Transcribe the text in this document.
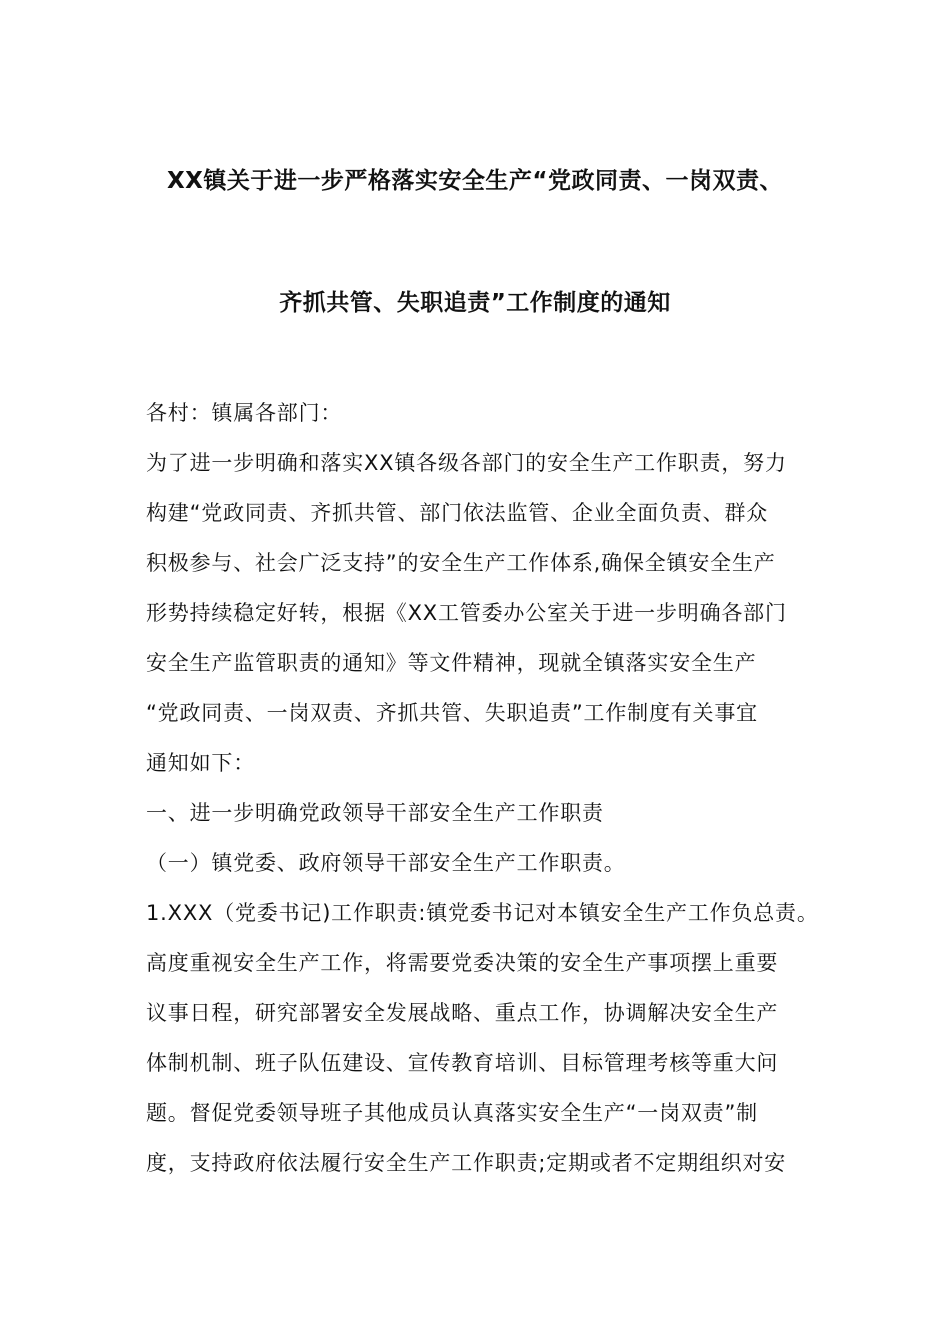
XX镇关于进一步严格落实安全生产“党政同责、一岗双责、
齐抓共管、失职追责”工作制度的通知
各村：镇属各部门：
为了进一步明确和落实XX镇各级各部门的安全生产工作职责，努力
构建“党政同责、齐抓共管、部门依法监管、企业全面负责、群众
积极参与、社会广泛支持”的安全生产工作体系,确保全镇安全生产
形势持续稳定好转，根据《XX工管委办公室关于进一步明确各部门
安全生产监管职责的通知》等文件精神，现就全镇落实安全生产
“党政同责、一岗双责、齐抓共管、失职追责”工作制度有关事宜
通知如下：
一、进一步明确党政领导干部安全生产工作职责
（一）镇党委、政府领导干部安全生产工作职责。
1.XXX（党委书记)工作职责:镇党委书记对本镇安全生产工作负总责。
高度重视安全生产工作，将需要党委决策的安全生产事项摆上重要
议事日程，研究部署安全发展战略、重点工作，协调解决安全生产
体制机制、班子队伍建设、宣传教育培训、目标管理考核等重大问
题。督促党委领导班子其他成员认真落实安全生产“一岗双责”制
度，支持政府依法履行安全生产工作职责;定期或者不定期组织对安
